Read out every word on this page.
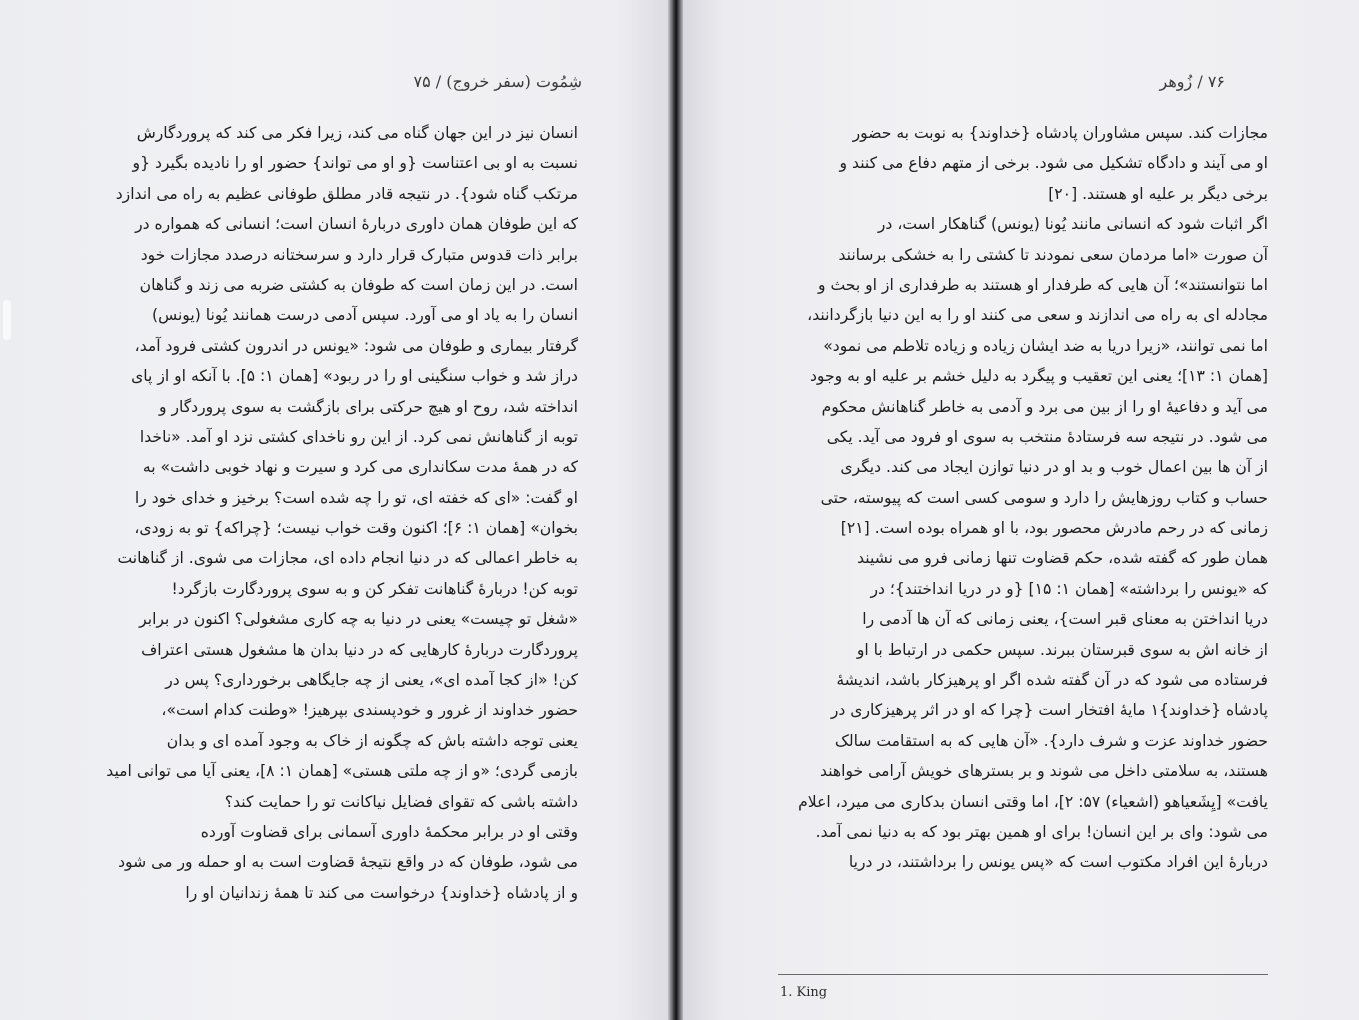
شِمُوت (سفر خروج) / ۷۵
انسان نیز در این جهان گناه می کند، زیرا فکر می کند که پروردگارش
نسبت به او بی اعتناست {و او می تواند} حضور او را نادیده بگیرد {و
مرتکب گناه شود}. در نتیجه قادر مطلق طوفانی عظیم به راه می اندازد
که این طوفان همان داوری دربارهٔ انسان است؛ انسانی که همواره در
برابر ذات قدوس متبارک قرار دارد و سرسختانه درصدد مجازات خود
است. در این زمان است که طوفان به کشتی ضربه می زند و گناهان
انسان را به یاد او می آورد. سپس آدمی درست همانند یُونا (یونس)
گرفتار بیماری و طوفان می شود: «یونس در اندرون کشتی فرود آمد،
دراز شد و خواب سنگینی او را در ربود» [همان ۱: ۵]. با آنکه او از پای
انداخته شد، روح او هیچ حرکتی برای بازگشت به سوی پروردگار و
توبه از گناهانش نمی کرد. از این رو ناخدای کشتی نزد او آمد. «ناخدا
که در همهٔ مدت سکانداری می کرد و سیرت و نهاد خوبی داشت» به
او گفت: «ای که خفته ای، تو را چه شده است؟ برخیز و خدای خود را
بخوان» [همان ۱: ۶]؛ اکنون وقت خواب نیست؛ {چراکه} تو به زودی،
به خاطر اعمالی که در دنیا انجام داده ای، مجازات می شوی. از گناهانت
توبه کن! دربارهٔ گناهانت تفکر کن و به سوی پروردگارت بازگرد!
«شغل تو چیست» یعنی در دنیا به چه کاری مشغولی؟ اکنون در برابر
پروردگارت دربارهٔ کارهایی که در دنیا بدان ها مشغول هستی اعتراف
کن! «از کجا آمده ای»، یعنی از چه جایگاهی برخورداری؟ پس در
حضور خداوند از غرور و خودپسندی بپرهیز! «وطنت کدام است»،
یعنی توجه داشته باش که چگونه از خاک به وجود آمده ای و بدان
بازمی گردی؛ «و از چه ملتی هستی» [همان ۱: ۸]، یعنی آیا می توانی امید
داشته باشی که تقوای فضایل نیاکانت تو را حمایت کند؟
وقتی او در برابر محکمهٔ داوری آسمانی برای قضاوت آورده
می شود، طوفان که در واقع نتیجهٔ قضاوت است به او حمله ور می شود
و از پادشاه {خداوند} درخواست می کند تا همهٔ زندانیان او را
۷۶ / زُوهر
مجازات کند. سپس مشاوران پادشاه {خداوند} به نوبت به حضور
او می آیند و دادگاه تشکیل می شود. برخی از متهم دفاع می کنند و
برخی دیگر بر علیه او هستند. [۲۰]
اگر اثبات شود که انسانی مانند یُونا (یونس) گناهکار است، در
آن صورت «اما مردمان سعی نمودند تا کشتی را به خشکی برسانند
اما نتوانستند»؛ آن هایی که طرفدار او هستند به طرفداری از او بحث و
مجادله ای به راه می اندازند و سعی می کنند او را به این دنیا بازگردانند،
اما نمی توانند، «زیرا دریا به ضد ایشان زیاده و زیاده تلاطم می نمود»
[همان ۱: ۱۳]؛ یعنی این تعقیب و پیگرد به دلیل خشم بر علیه او به وجود
می آید و دفاعیهٔ او را از بین می برد و آدمی به خاطر گناهانش محکوم
می شود. در نتیجه سه فرستادهٔ منتخب به سوی او فرود می آید. یکی
از آن ها بین اعمال خوب و بد او در دنیا توازن ایجاد می کند. دیگری
حساب و کتاب روزهایش را دارد و سومی کسی است که پیوسته، حتی
زمانی که در رحم مادرش محصور بود، با او همراه بوده است. [۲۱]
همان طور که گفته شده، حکم قضاوت تنها زمانی فرو می نشیند
که «یونس را برداشته» [همان ۱: ۱۵] {و در دریا انداختند}؛ در
دریا انداختن به معنای قبر است}، یعنی زمانی که آن ها آدمی را
از خانه اش به سوی قبرستان ببرند. سپس حکمی در ارتباط با او
فرستاده می شود که در آن گفته شده اگر او پرهیزکار باشد، اندیشهٔ
پادشاه {خداوند}۱ مایهٔ افتخار است {چرا که او در اثر پرهیزکاری در
حضور خداوند عزت و شرف دارد}. «آن هایی که به استقامت سالک
هستند، به سلامتی داخل می شوند و بر بسترهای خویش آرامی خواهند
یافت» [یِشَعیاهو (اشعیاء) ۵۷: ۲]، اما وقتی انسان بدکاری می میرد، اعلام
می شود: وای بر این انسان! برای او همین بهتر بود که به دنیا نمی آمد.
دربارهٔ این افراد مکتوب است که «پس یونس را برداشتند، در دریا
1. King
